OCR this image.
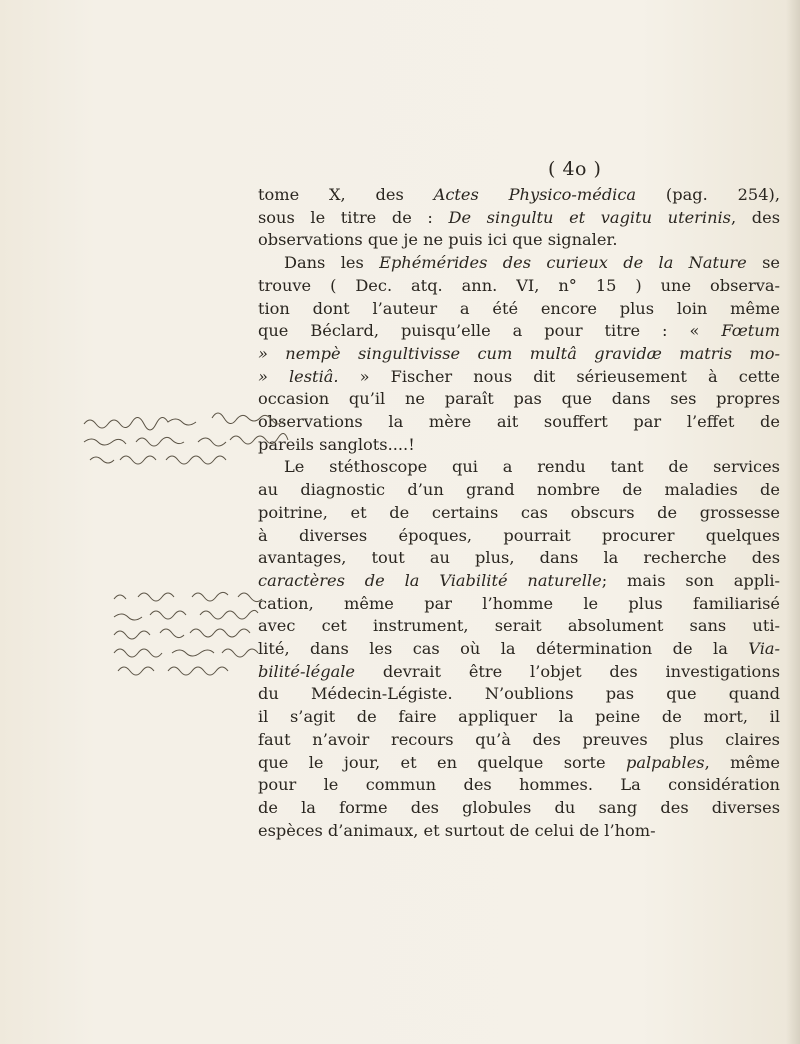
( 4o )
tome X, des Actes Physico-médica (pag. 254),
sous le titre de : De singultu et vagitu uterinis, des
observations que je ne puis ici que signaler.
Dans les Ephémérides des curieux de la Nature se
trouve ( Dec. atq. ann. VI, n° 15 ) une observa-
tion dont l’auteur a été encore plus loin même
que Béclard, puisqu’elle a pour titre : « Fœtum
» nempè singultivisse cum multâ gravidæ matris mo-
» lestiâ. » Fischer nous dit sérieusement à cette
occasion qu’il ne paraît pas que dans ses propres
observations la mère ait souffert par l’effet de
pareils sanglots....!
Le stéthoscope qui a rendu tant de services
au diagnostic d’un grand nombre de maladies de
poitrine, et de certains cas obscurs de grossesse
à diverses époques, pourrait procurer quelques
avantages, tout au plus, dans la recherche des
caractères de la Viabilité naturelle; mais son appli-
cation, même par l’homme le plus familiarisé
avec cet instrument, serait absolument sans uti-
lité, dans les cas où la détermination de la Via-
bilité-légale devrait être l’objet des investigations
du Médecin-Légiste. N’oublions pas que quand
il s’agit de faire appliquer la peine de mort, il
faut n’avoir recours qu’à des preuves plus claires
que le jour, et en quelque sorte palpables, même
pour le commun des hommes. La considération
de la forme des globules du sang des diverses
espèces d’animaux, et surtout de celui de l’hom-
